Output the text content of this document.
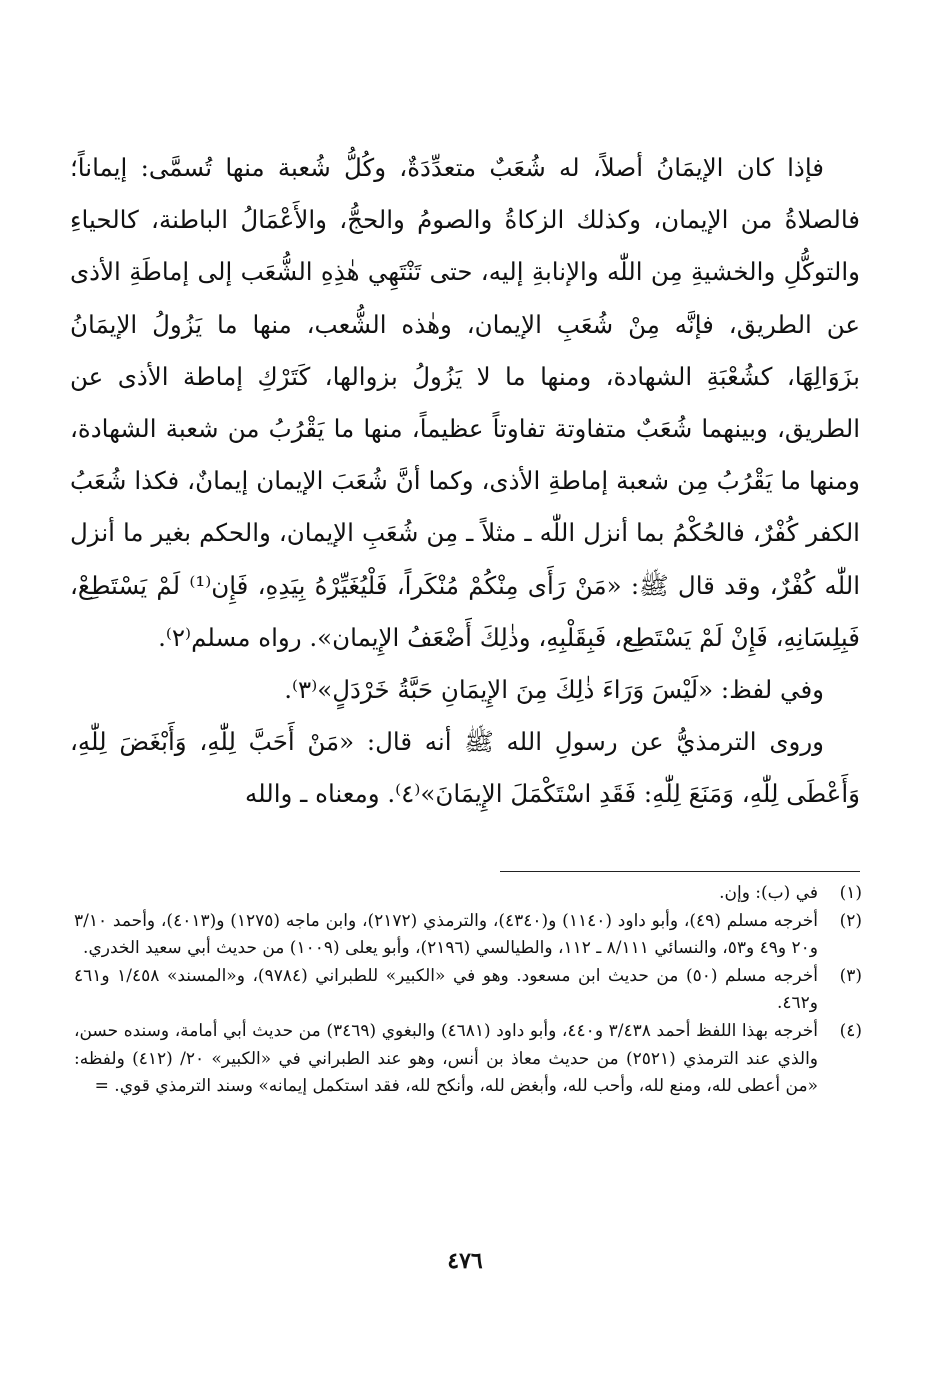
فإذا كان الإيمَانُ أصلاً، له شُعَبٌ متعدِّدَةٌ، وكُلُّ شُعبة منها تُسمَّى: إيماناً؛ فالصلاةُ من الإيمان، وكذلك الزكاةُ والصومُ والحجُّ، والأَعْمَالُ الباطنة، كالحياءِ والتوكُّلِ والخشيةِ مِن اللّٰه والإنابةِ إليه، حتى تَنْتَهِي هٰذِهِ الشُّعَب إلى إماطَةِ الأذى عن الطريق، فإنَّه مِنْ شُعَبِ الإيمان، وهٰذه الشُّعب، منها ما يَزُولُ الإيمَانُ بزَوَالِهَا، كشُعْبَةِ الشهادة، ومنها ما لا يَزُولُ بزوالها، كَتَرْكِ إماطة الأذى عن الطريق، وبينهما شُعَبٌ متفاوتة تفاوتاً عظيماً، منها ما يَقْرُبُ من شعبة الشهادة، ومنها ما يَقْرُبُ مِن شعبة إماطةِ الأذى، وكما أنَّ شُعَبَ الإيمان إيمانٌ، فكذا شُعَبُ الكفر كُفْرٌ، فالحُكْمُ بما أنزل اللّٰه ـ مثلاً ـ مِن شُعَبِ الإيمان، والحكم بغير ما أنزل اللّٰه كُفْرٌ، وقد قال ﷺ: «مَنْ رَأَى مِنْكُمْ مُنْكَراً، فَلْيُغَيِّرْهُ بِيَدِهِ، فَإِن⁽¹⁾ لَمْ يَسْتَطِعْ، فَبِلِسَانِهِ، فَإِنْ لَمْ يَسْتَطِع، فَبِقَلْبِهِ، وذٰلِكَ أَضْعَفُ الإِيمان». رواه مسلم⁽٢⁾.

وفي لفظ: «لَيْسَ وَرَاءَ ذٰلِكَ مِنَ الإِيمَانِ حَبَّةُ خَرْدَلٍ»⁽٣⁾.

وروى الترمذيُّ عن رسولِ الله ﷺ أنه قال: «مَنْ أَحَبَّ لِلّٰهِ، وَأَبْغَضَ لِلّٰهِ، وَأَعْطَى لِلّٰهِ، وَمَنَعَ لِلّٰهِ: فَقَدِ اسْتَكْمَلَ الإِيمَانَ»⁽٤⁾. ومعناه ـ والله

(١)
في (ب): وإن.
(٢)
أخرجه مسلم (٤٩)، وأبو داود (١١٤٠) و(٤٣٤٠)، والترمذي (٢١٧٢)، وابن ماجه (١٢٧٥) و(٤٠١٣)، وأحمد ٣/١٠ و٢٠ و٤٩ و٥٣، والنسائي ٨/١١١ ـ ١١٢، والطيالسي (٢١٩٦)، وأبو يعلى (١٠٠٩) من حديث أبي سعيد الخدري.
(٣)
أخرجه مسلم (٥٠) من حديث ابن مسعود. وهو في «الكبير» للطبراني (٩٧٨٤)، و«المسند» ١/٤٥٨ و٤٦١ و٤٦٢.
(٤)
أخرجه بهذا اللفظ أحمد ٣/٤٣٨ و٤٤٠، وأبو داود (٤٦٨١) والبغوي (٣٤٦٩) من حديث أبي أمامة، وسنده حسن، والذي عند الترمذي (٢٥٢١) من حديث معاذ بن أنس، وهو عند الطبراني في «الكبير» ٢٠/ (٤١٢) ولفظه: «من أعطى لله، ومنع لله، وأحب لله، وأبغض لله، وأنكح لله، فقد استكمل إيمانه» وسند الترمذي قوي. =
٤٧٦
